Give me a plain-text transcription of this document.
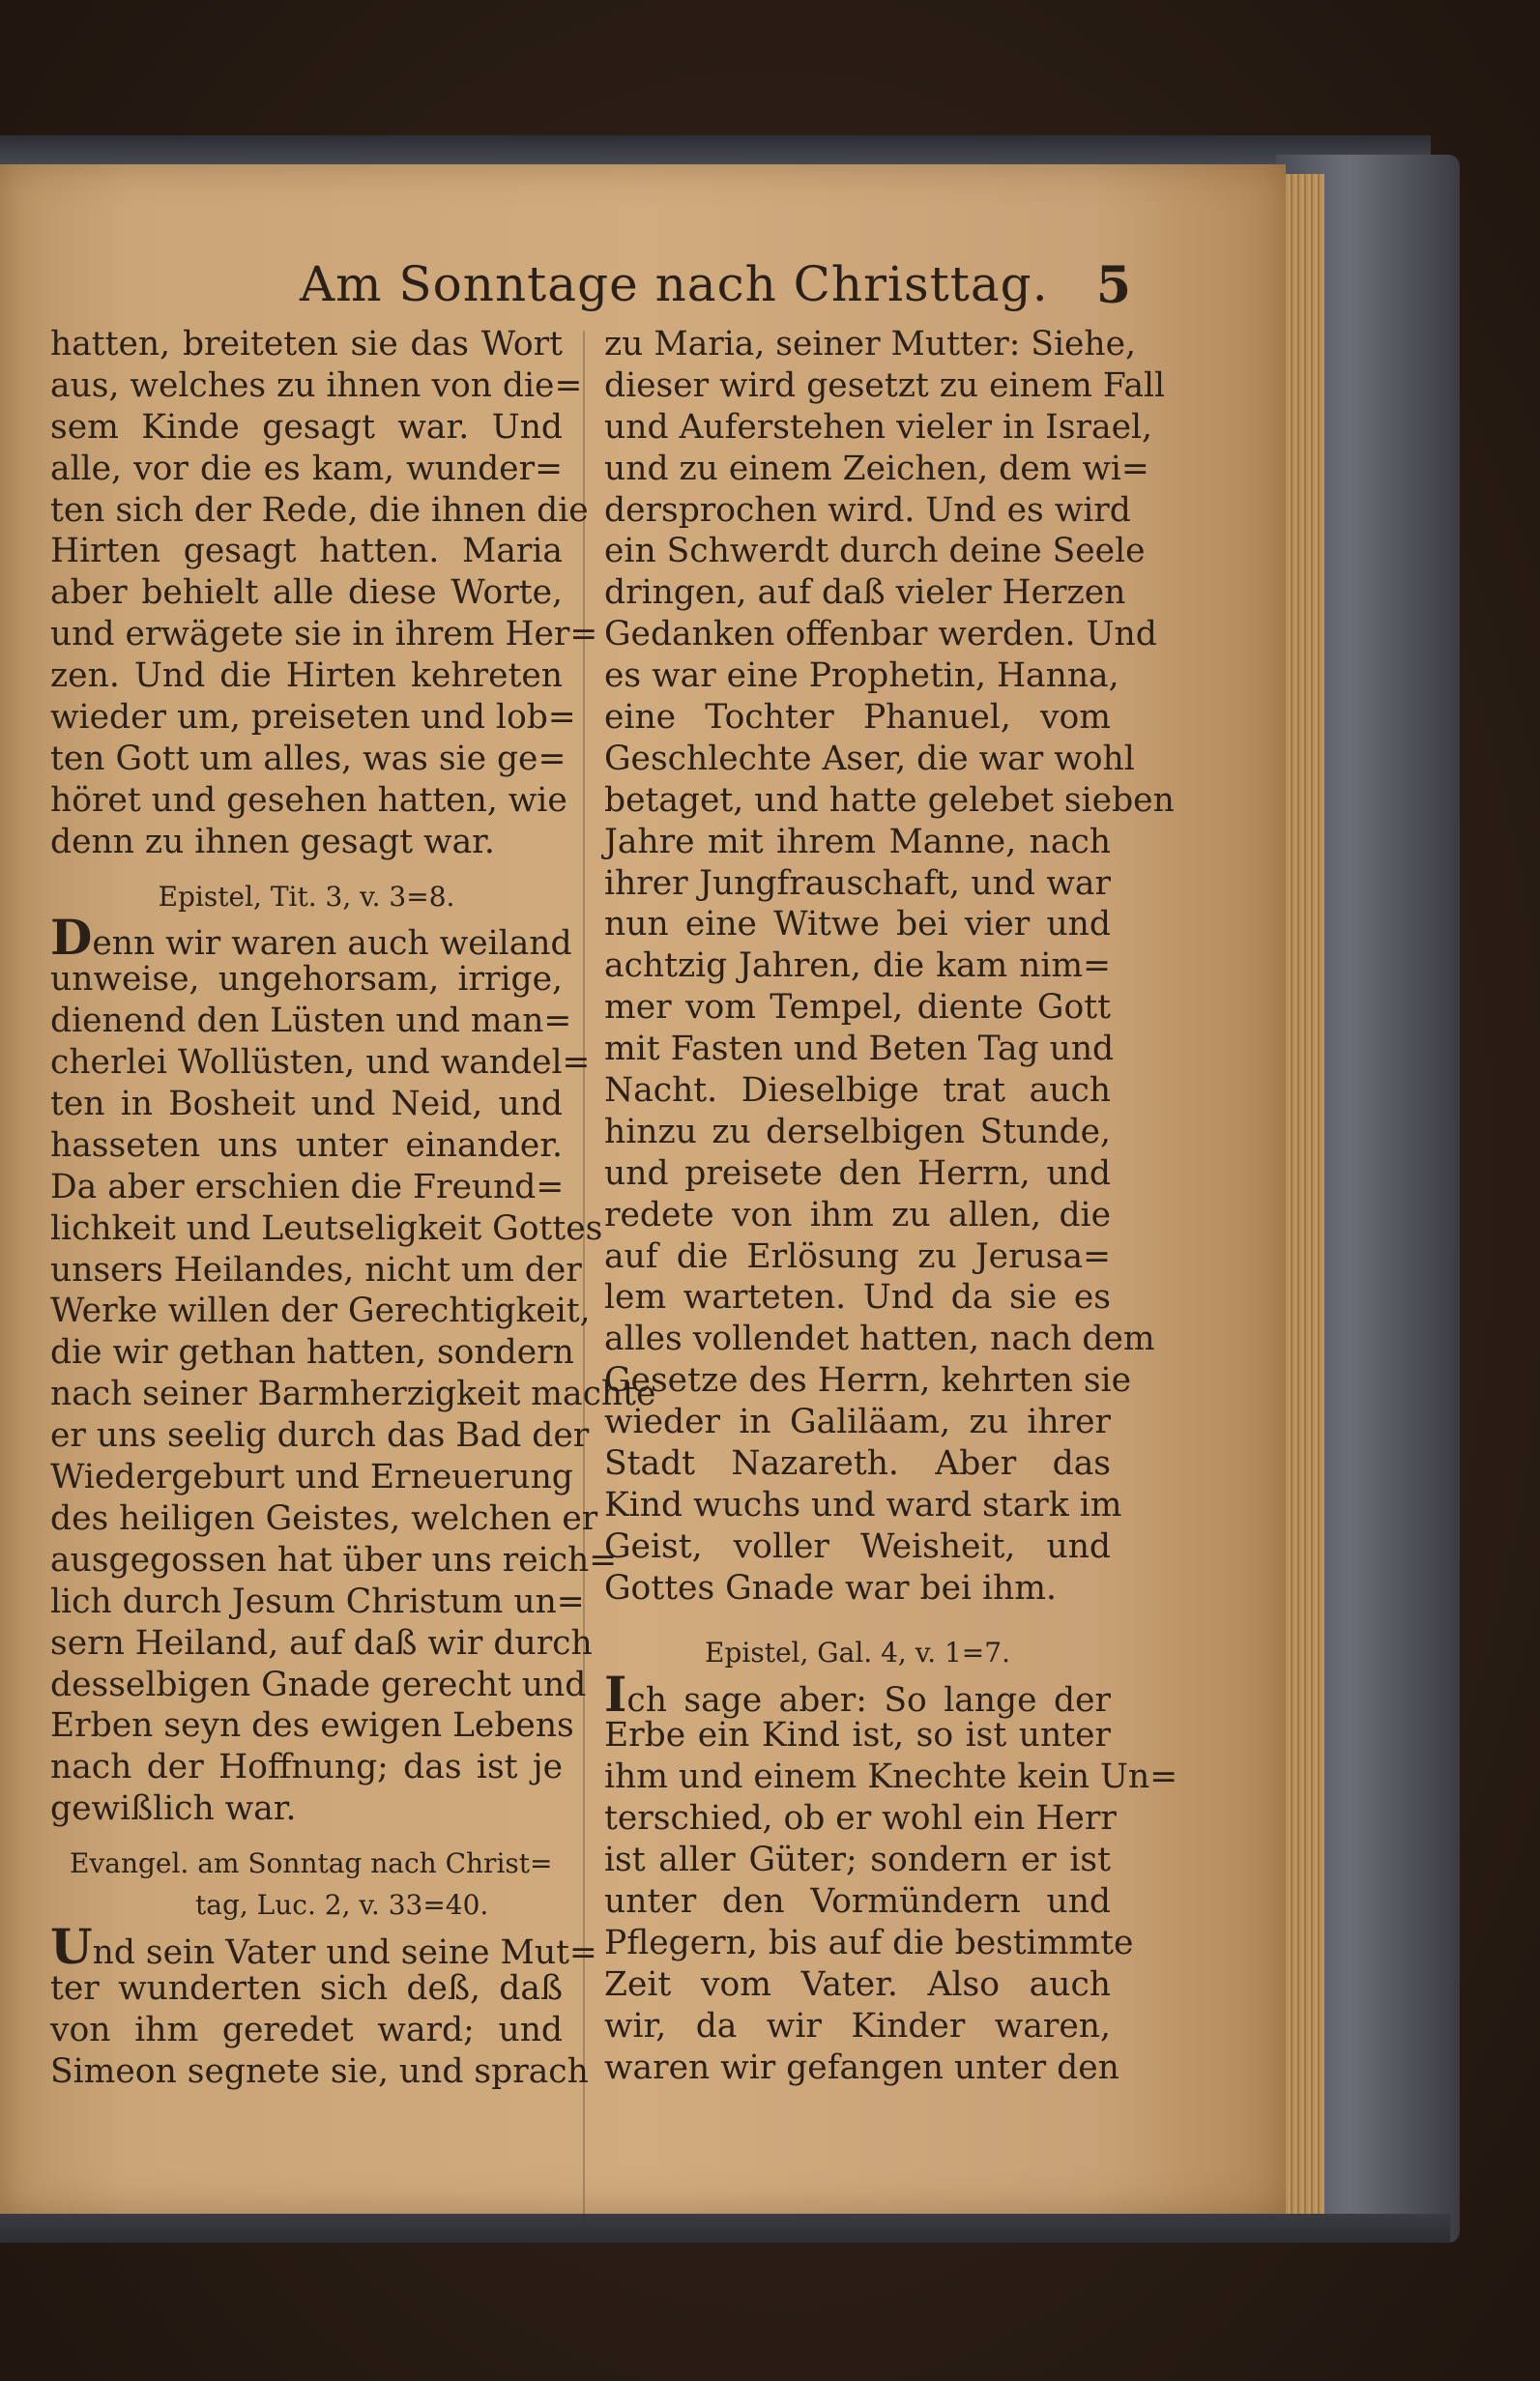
Am Sonntage nach Christtag. 5
hatten, breiteten sie das Wort
aus, welches zu ihnen von die=
sem Kinde gesagt war. Und
alle, vor die es kam, wunder=
ten sich der Rede, die ihnen die
Hirten gesagt hatten. Maria
aber behielt alle diese Worte,
und erwägete sie in ihrem Her=
zen. Und die Hirten kehreten
wieder um, preiseten und lob=
ten Gott um alles, was sie ge=
höret und gesehen hatten, wie
denn zu ihnen gesagt war.
Epistel, Tit. 3, v. 3=8.
Denn wir waren auch weiland
unweise, ungehorsam, irrige,
dienend den Lüsten und man=
cherlei Wollüsten, und wandel=
ten in Bosheit und Neid, und
hasseten uns unter einander.
Da aber erschien die Freund=
lichkeit und Leutseligkeit Gottes
unsers Heilandes, nicht um der
Werke willen der Gerechtigkeit,
die wir gethan hatten, sondern
nach seiner Barmherzigkeit machte
er uns seelig durch das Bad der
Wiedergeburt und Erneuerung
des heiligen Geistes, welchen er
ausgegossen hat über uns reich=
lich durch Jesum Christum un=
sern Heiland, auf daß wir durch
desselbigen Gnade gerecht und
Erben seyn des ewigen Lebens
nach der Hoffnung; das ist je
gewißlich war.
Evangel. am Sonntag nach Christ=
tag, Luc. 2, v. 33=40.
Und sein Vater und seine Mut=
ter wunderten sich deß, daß
von ihm geredet ward; und
Simeon segnete sie, und sprach
zu Maria, seiner Mutter: Siehe,
dieser wird gesetzt zu einem Fall
und Auferstehen vieler in Israel,
und zu einem Zeichen, dem wi=
dersprochen wird. Und es wird
ein Schwerdt durch deine Seele
dringen, auf daß vieler Herzen
Gedanken offenbar werden. Und
es war eine Prophetin, Hanna,
eine Tochter Phanuel, vom
Geschlechte Aser, die war wohl
betaget, und hatte gelebet sieben
Jahre mit ihrem Manne, nach
ihrer Jungfrauschaft, und war
nun eine Witwe bei vier und
achtzig Jahren, die kam nim=
mer vom Tempel, diente Gott
mit Fasten und Beten Tag und
Nacht. Dieselbige trat auch
hinzu zu derselbigen Stunde,
und preisete den Herrn, und
redete von ihm zu allen, die
auf die Erlösung zu Jerusa=
lem warteten. Und da sie es
alles vollendet hatten, nach dem
Gesetze des Herrn, kehrten sie
wieder in Galiläam, zu ihrer
Stadt Nazareth. Aber das
Kind wuchs und ward stark im
Geist, voller Weisheit, und
Gottes Gnade war bei ihm.
Epistel, Gal. 4, v. 1=7.
Ich sage aber: So lange der
Erbe ein Kind ist, so ist unter
ihm und einem Knechte kein Un=
terschied, ob er wohl ein Herr
ist aller Güter; sondern er ist
unter den Vormündern und
Pflegern, bis auf die bestimmte
Zeit vom Vater. Also auch
wir, da wir Kinder waren,
waren wir gefangen unter den
